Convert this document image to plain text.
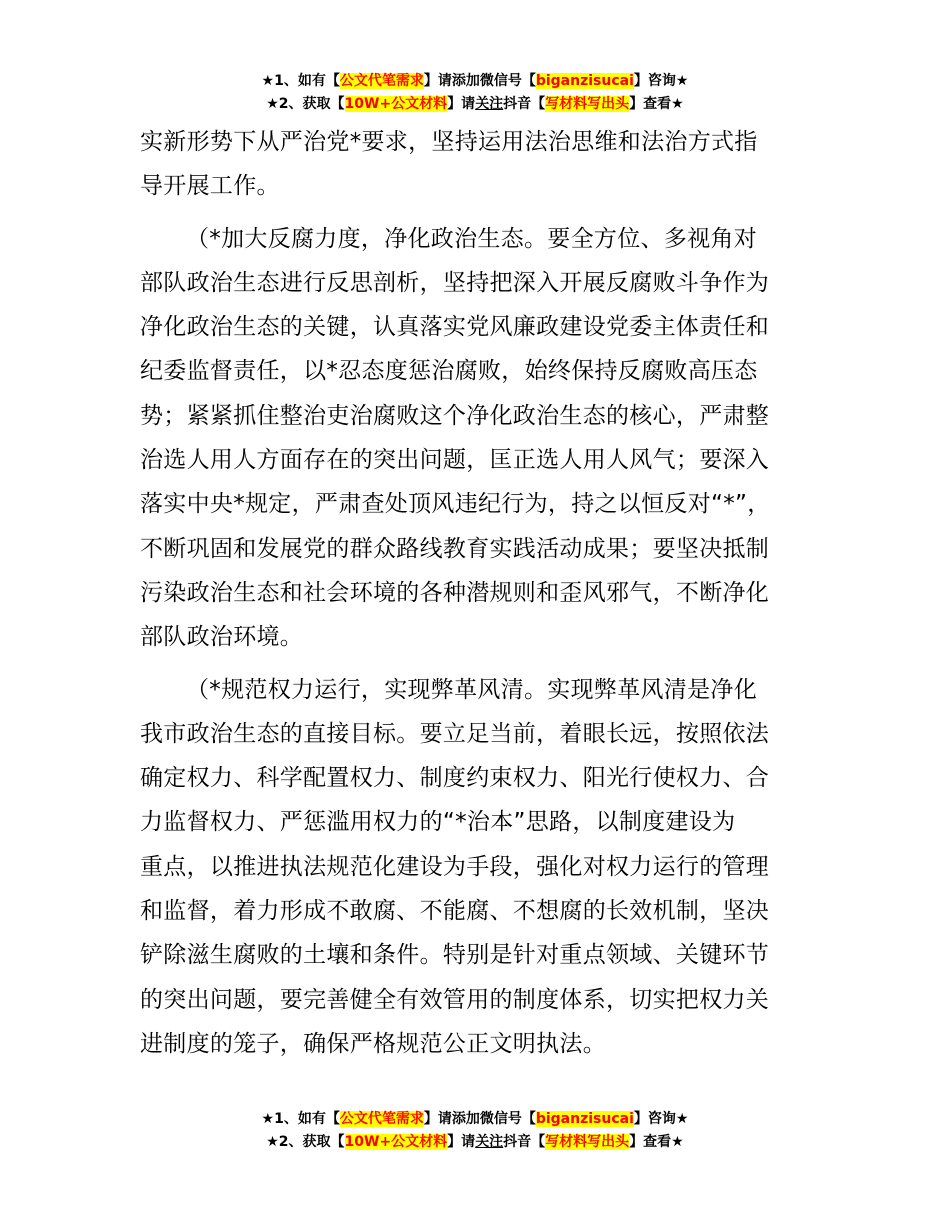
★1、如有【公文代笔需求】请添加微信号【biganzisucai】咨询★
★2、获取【10W+公文材料】请关注抖音【写材料写出头】查看★

实新形势下从严治党*要求，坚持运用法治思维和法治方式指
导开展工作。

（*加大反腐力度，净化政治生态。要全方位、多视角对
部队政治生态进行反思剖析，坚持把深入开展反腐败斗争作为
净化政治生态的关键，认真落实党风廉政建设党委主体责任和
纪委监督责任，以*忍态度惩治腐败，始终保持反腐败高压态
势；紧紧抓住整治吏治腐败这个净化政治生态的核心，严肃整
治选人用人方面存在的突出问题，匡正选人用人风气；要深入
落实中央*规定，严肃查处顶风违纪行为，持之以恒反对“*”，
不断巩固和发展党的群众路线教育实践活动成果；要坚决抵制
污染政治生态和社会环境的各种潜规则和歪风邪气，不断净化
部队政治环境。

（*规范权力运行，实现弊革风清。实现弊革风清是净化
我市政治生态的直接目标。要立足当前，着眼长远，按照依法
确定权力、科学配置权力、制度约束权力、阳光行使权力、合
力监督权力、严惩滥用权力的“*治本”思路，以制度建设为
重点，以推进执法规范化建设为手段，强化对权力运行的管理
和监督，着力形成不敢腐、不能腐、不想腐的长效机制，坚决
铲除滋生腐败的土壤和条件。特别是针对重点领域、关键环节
的突出问题，要完善健全有效管用的制度体系，切实把权力关
进制度的笼子，确保严格规范公正文明执法。

★1、如有【公文代笔需求】请添加微信号【biganzisucai】咨询★
★2、获取【10W+公文材料】请关注抖音【写材料写出头】查看★
